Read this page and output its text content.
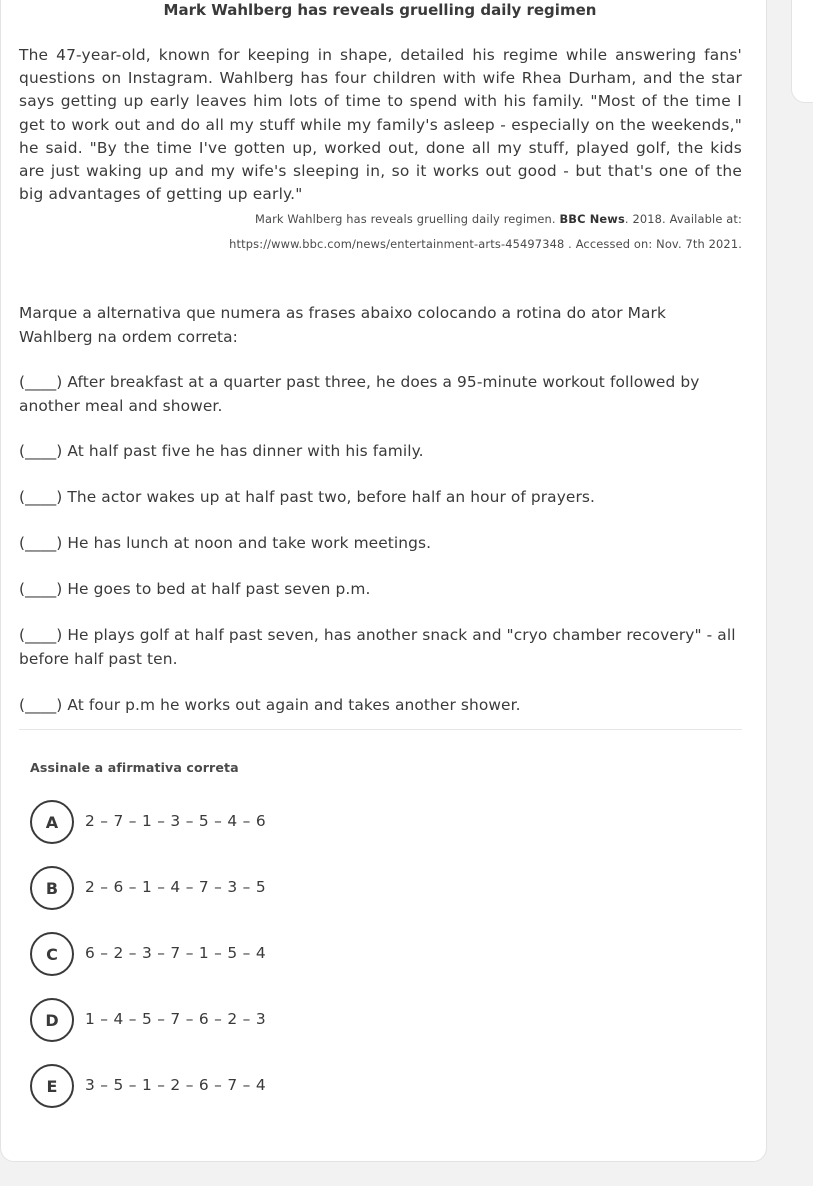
Mark Wahlberg has reveals gruelling daily regimen

The 47-year-old, known for keeping in shape, detailed his regime while answering fans' questions on Instagram. Wahlberg has four children with wife Rhea Durham, and the star says getting up early leaves him lots of time to spend with his family. "Most of the time I get to work out and do all my stuff while my family's asleep - especially on the weekends," he said. "By the time I've gotten up, worked out, done all my stuff, played golf, the kids are just waking up and my wife's sleeping in, so it works out good - but that's one of the big advantages of getting up early."

Mark Wahlberg has reveals gruelling daily regimen. BBC News. 2018. Available at: https://www.bbc.com/news/entertainment-arts-45497348 . Accessed on: Nov. 7th 2021.

Marque a alternativa que numera as frases abaixo colocando a rotina do ator Mark Wahlberg na ordem correta:

(____) After breakfast at a quarter past three, he does a 95-minute workout followed by another meal and shower.
(____) At half past five he has dinner with his family.
(____) The actor wakes up at half past two, before half an hour of prayers.
(____) He has lunch at noon and take work meetings.
(____) He goes to bed at half past seven p.m.
(____) He plays golf at half past seven, has another snack and "cryo chamber recovery" - all before half past ten.
(____) At four p.m he works out again and takes another shower.
Assinale a afirmativa correta
A	2 – 7 – 1 – 3 – 5 – 4 – 6
B	2 – 6 – 1 – 4 – 7 – 3 – 5
C	6 – 2 – 3 – 7 – 1 – 5 – 4
D	1 – 4 – 5 – 7 – 6 – 2 – 3
E	3 – 5 – 1 – 2 – 6 – 7 – 4
